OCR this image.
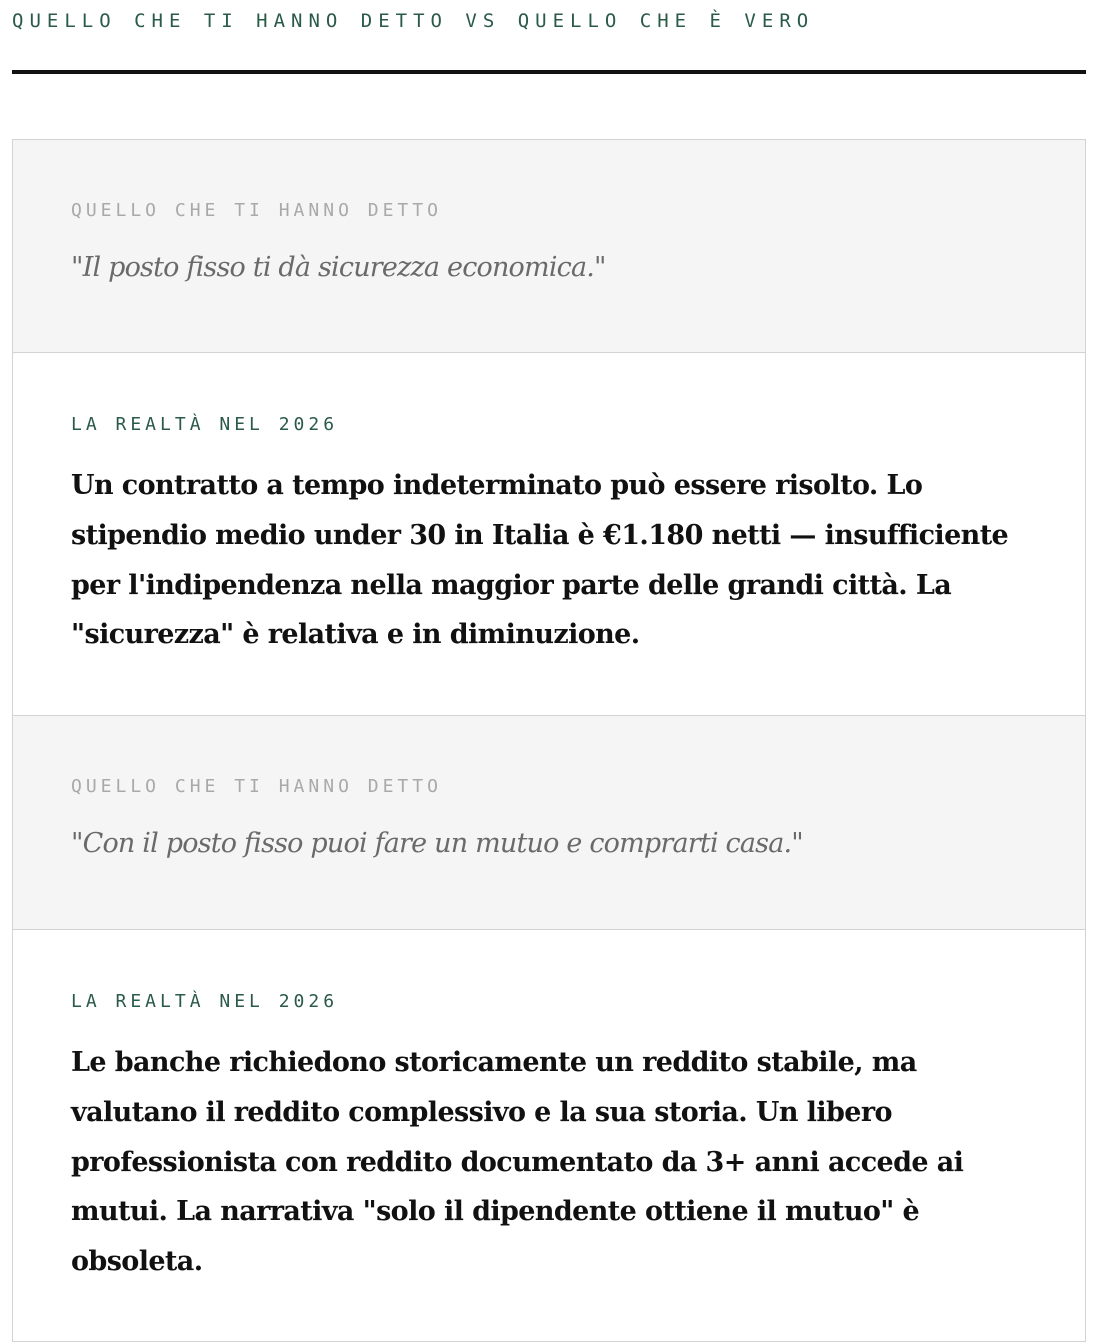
QUELLO CHE TI HANNO DETTO VS QUELLO CHE È VERO
QUELLO CHE TI HANNO DETTO
"Il posto fisso ti dà sicurezza economica."
LA REALTÀ NEL 2026
Un contratto a tempo indeterminato può essere risolto. Lo stipendio medio under 30 in Italia è €1.180 netti — insufficiente per l'indipendenza nella maggior parte delle grandi città. La "sicurezza" è relativa e in diminuzione.
QUELLO CHE TI HANNO DETTO
"Con il posto fisso puoi fare un mutuo e comprarti casa."
LA REALTÀ NEL 2026
Le banche richiedono storicamente un reddito stabile, ma valutano il reddito complessivo e la sua storia. Un libero professionista con reddito documentato da 3+ anni accede ai mutui. La narrativa "solo il dipendente ottiene il mutuo" è obsoleta.
